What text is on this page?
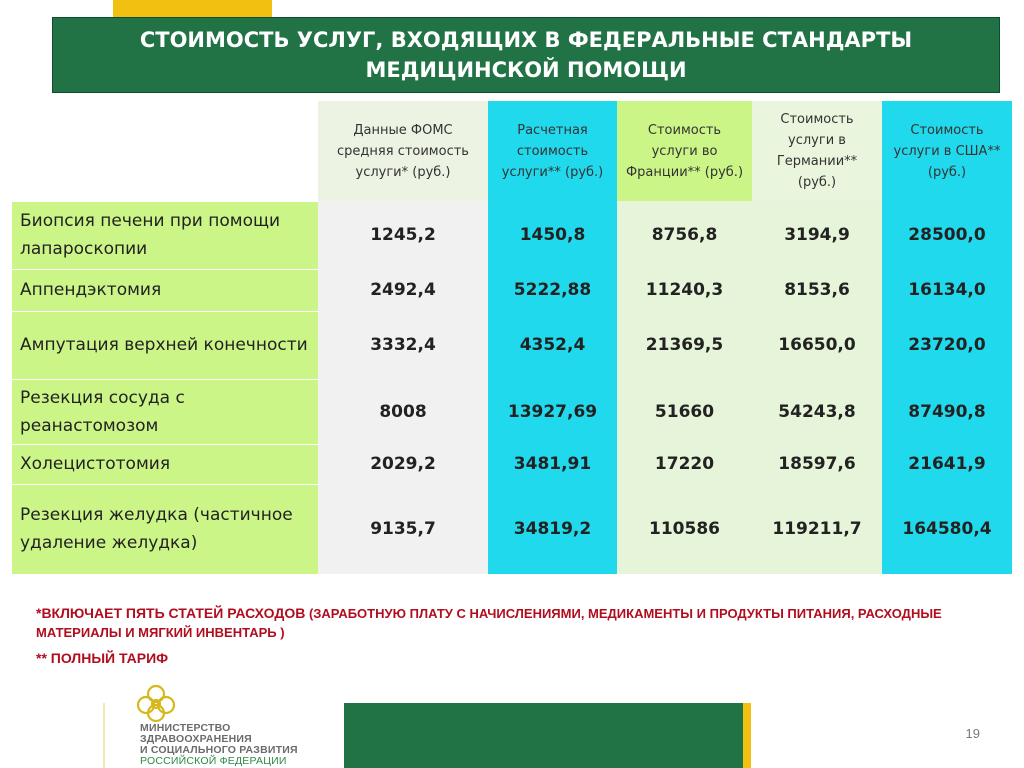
СТОИМОСТЬ УСЛУГ, ВХОДЯЩИХ В ФЕДЕРАЛЬНЫЕ СТАНДАРТЫ
МЕДИЦИНСКОЙ ПОМОЩИ
	Данные ФОМС средняя стоимость услуги* (руб.)	Расчетная стоимость услуги** (руб.)	Стоимость услуги во Франции** (руб.)	Стоимость услуги в Германии** (руб.)	Стоимость услуги в США** (руб.)
Биопсия печени при помощи лапароскопии	1245,2	1450,8	8756,8	3194,9	28500,0
Аппендэктомия	2492,4	5222,88	11240,3	8153,6	16134,0
Ампутация верхней конечности	3332,4	4352,4	21369,5	16650,0	23720,0
Резекция сосуда с реанастомозом	8008	13927,69	51660	54243,8	87490,8
Холецистотомия	2029,2	3481,91	17220	18597,6	21641,9
Резекция желудка (частичное удаление желудка)	9135,7	34819,2	110586	119211,7	164580,4
*ВКЛЮЧАЕТ ПЯТЬ СТАТЕЙ РАСХОДОВ (ЗАРАБОТНУЮ ПЛАТУ С НАЧИСЛЕНИЯМИ, МЕДИКАМЕНТЫ И ПРОДУКТЫ ПИТАНИЯ, РАСХОДНЫЕ МАТЕРИАЛЫ И МЯГКИЙ ИНВЕНТАРЬ )
** ПОЛНЫЙ ТАРИФ
МИНИСТЕРСТВО
ЗДРАВООХРАНЕНИЯ
И СОЦИАЛЬНОГО РАЗВИТИЯ
РОССИЙСКОЙ ФЕДЕРАЦИИ
19
